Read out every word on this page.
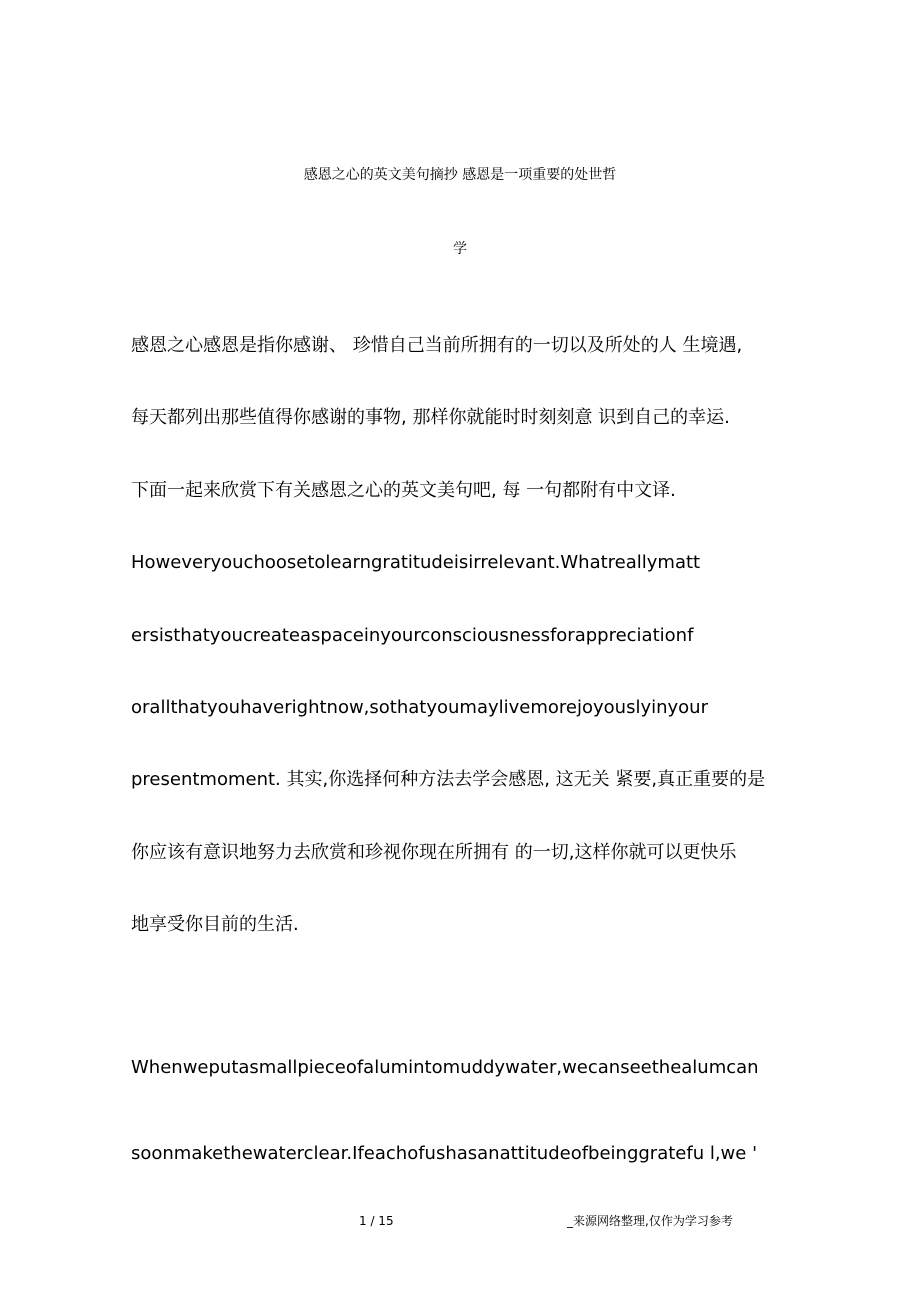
感恩之心的英文美句摘抄 感恩是一项重要的处世哲
学
感恩之心感恩是指你感谢、 珍惜自己当前所拥有的一切以及所处的人 生境遇,
每天都列出那些值得你感谢的事物, 那样你就能时时刻刻意 识到自己的幸运.
下面一起来欣赏下有关感恩之心的英文美句吧, 每 一句都附有中文译.
Howeveryouchoosetolearngratitudeisirrelevant.Whatreallymatt
ersisthatyoucreateaspaceinyourconsciousnessforappreciationf
orallthatyouhaverightnow,sothatyoumaylivemorejoyouslyinyour
presentmoment. 其实,你选择何种方法去学会感恩, 这无关 紧要,真正重要的是
你应该有意识地努力去欣赏和珍视你现在所拥有 的一切,这样你就可以更快乐
地享受你目前的生活.
Whenweputasmallpieceofalumintomuddywater,wecanseethealumcan
soonmakethewaterclear.Ifeachofushasanattitudeofbeinggratefu l,we '
1 / 15	_来源网络整理,仅作为学习参考
